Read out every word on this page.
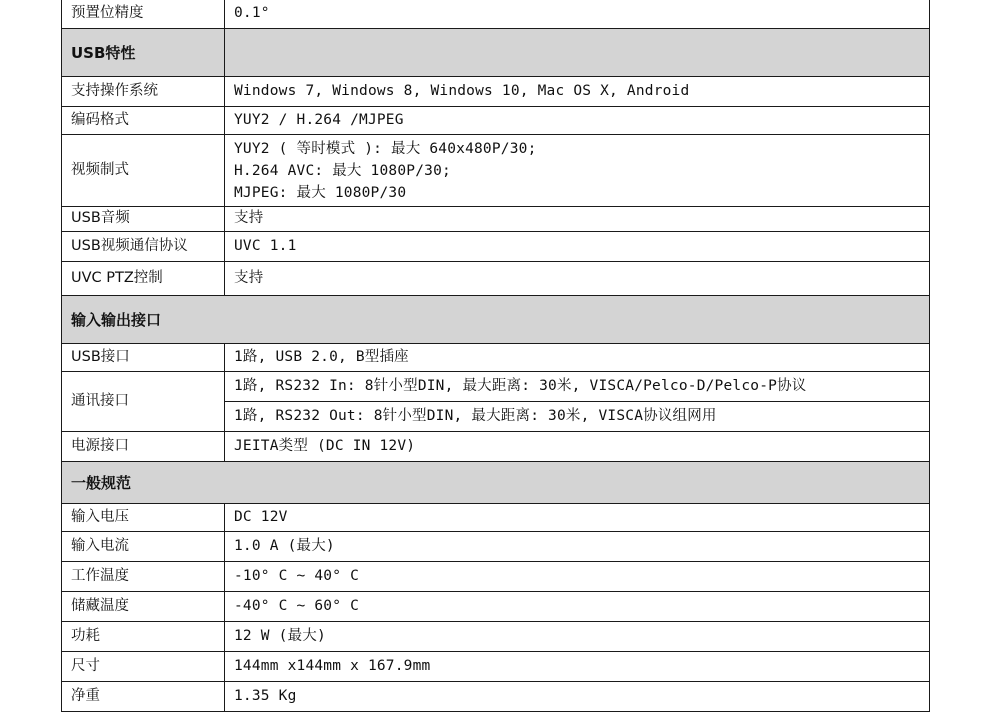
预置位精度	0.1°
USB特性	
支持操作系统	Windows 7, Windows 8, Windows 10, Mac OS X, Android
编码格式	YUY2 / H.264 /MJPEG
视频制式	YUY2 ( 等时模式 ): 最大 640x480P/30;
H.264 AVC: 最大 1080P/30;
MJPEG: 最大 1080P/30

USB音频	支持
USB视频通信协议	UVC 1.1
UVC PTZ控制	支持
输入输出接口	
USB接口	1路, USB 2.0, B型插座
通讯接口	1路, RS232 In: 8针小型DIN, 最大距离: 30米, VISCA/Pelco-D/Pelco-P协议
	1路, RS232 Out: 8针小型DIN, 最大距离: 30米, VISCA协议组网用
电源接口	JEITA类型 (DC IN 12V)
一般规范	
输入电压	DC 12V
输入电流	1.0 A (最大)
工作温度	-10° C ~ 40° C
储藏温度	-40° C ~ 60° C
功耗	12 W (最大)
尺寸	144mm x144mm x 167.9mm
净重	1.35 Kg
